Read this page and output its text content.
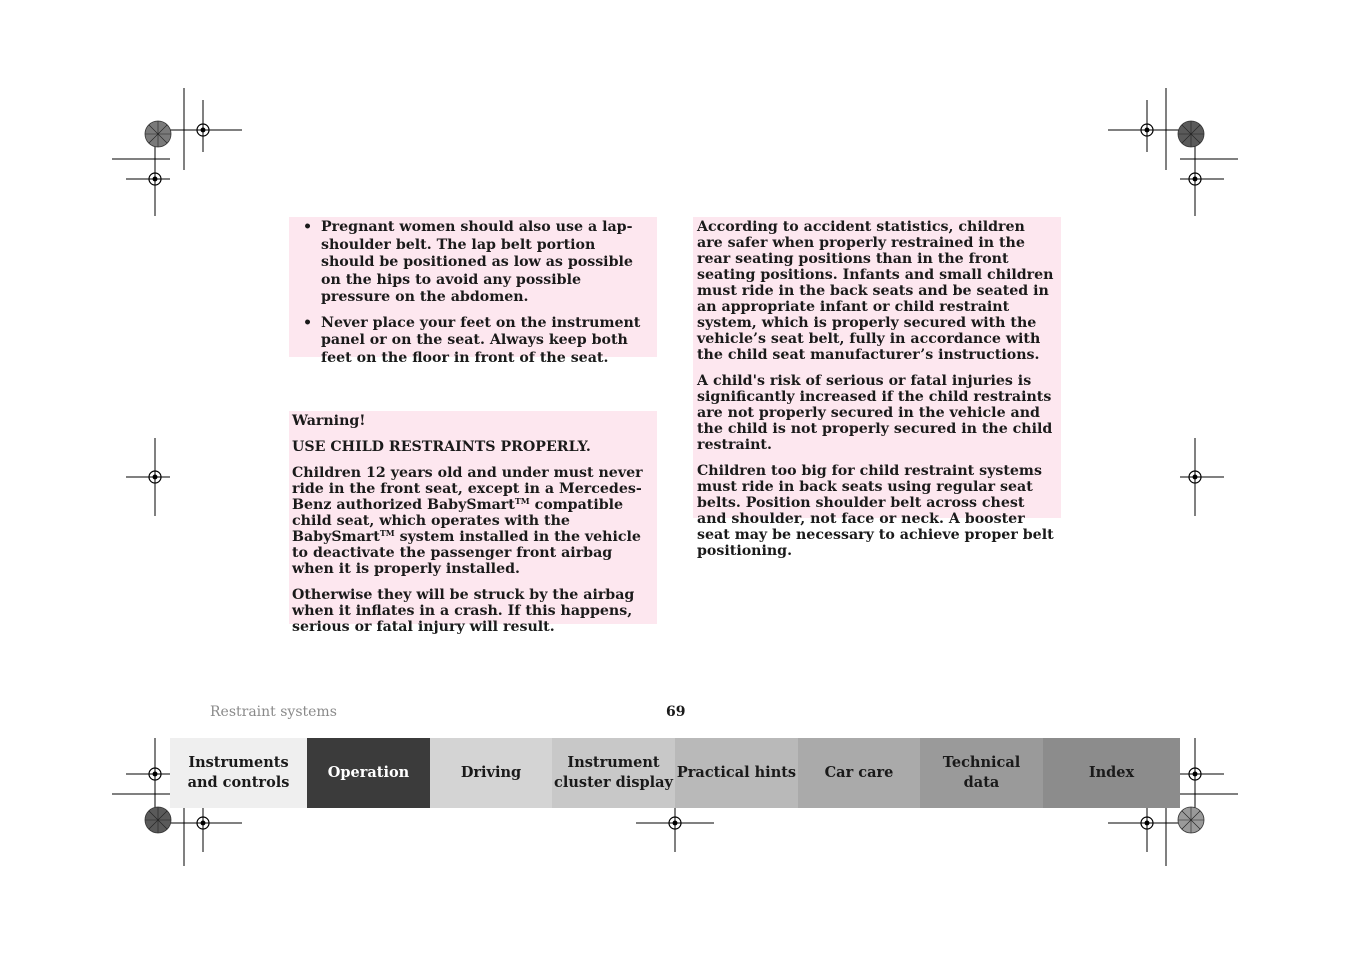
• Pregnant women should also use a lap-shoulder belt. The lap belt portion should be positioned as low as possible on the hips to avoid any possible pressure on the abdomen.
• Never place your feet on the instrument panel or on the seat. Always keep both feet on the floor in front of the seat.

Warning!

USE CHILD RESTRAINTS PROPERLY.

Children 12 years old and under must never ride in the front seat, except in a Mercedes-Benz authorized BabySmart™ compatible child seat, which operates with the BabySmart™ system installed in the vehicle to deactivate the passenger front airbag when it is properly installed.

Otherwise they will be struck by the airbag when it inflates in a crash. If this happens, serious or fatal injury will result.

According to accident statistics, children are safer when properly restrained in the rear seating positions than in the front seating positions. Infants and small children must ride in the back seats and be seated in an appropriate infant or child restraint system, which is properly secured with the vehicle’s seat belt, fully in accordance with the child seat manufacturer’s instructions.

A child's risk of serious or fatal injuries is significantly increased if the child restraints are not properly secured in the vehicle and the child is not properly secured in the child restraint.

Children too big for child restraint systems must ride in back seats using regular seat belts. Position shoulder belt across chest and shoulder, not face or neck. A booster seat may be necessary to achieve proper belt positioning.

Restraint systems	69
Instruments
and controls
Operation	Driving
Instrument
cluster display
Practical hints	Car care
Technical
data
Index
